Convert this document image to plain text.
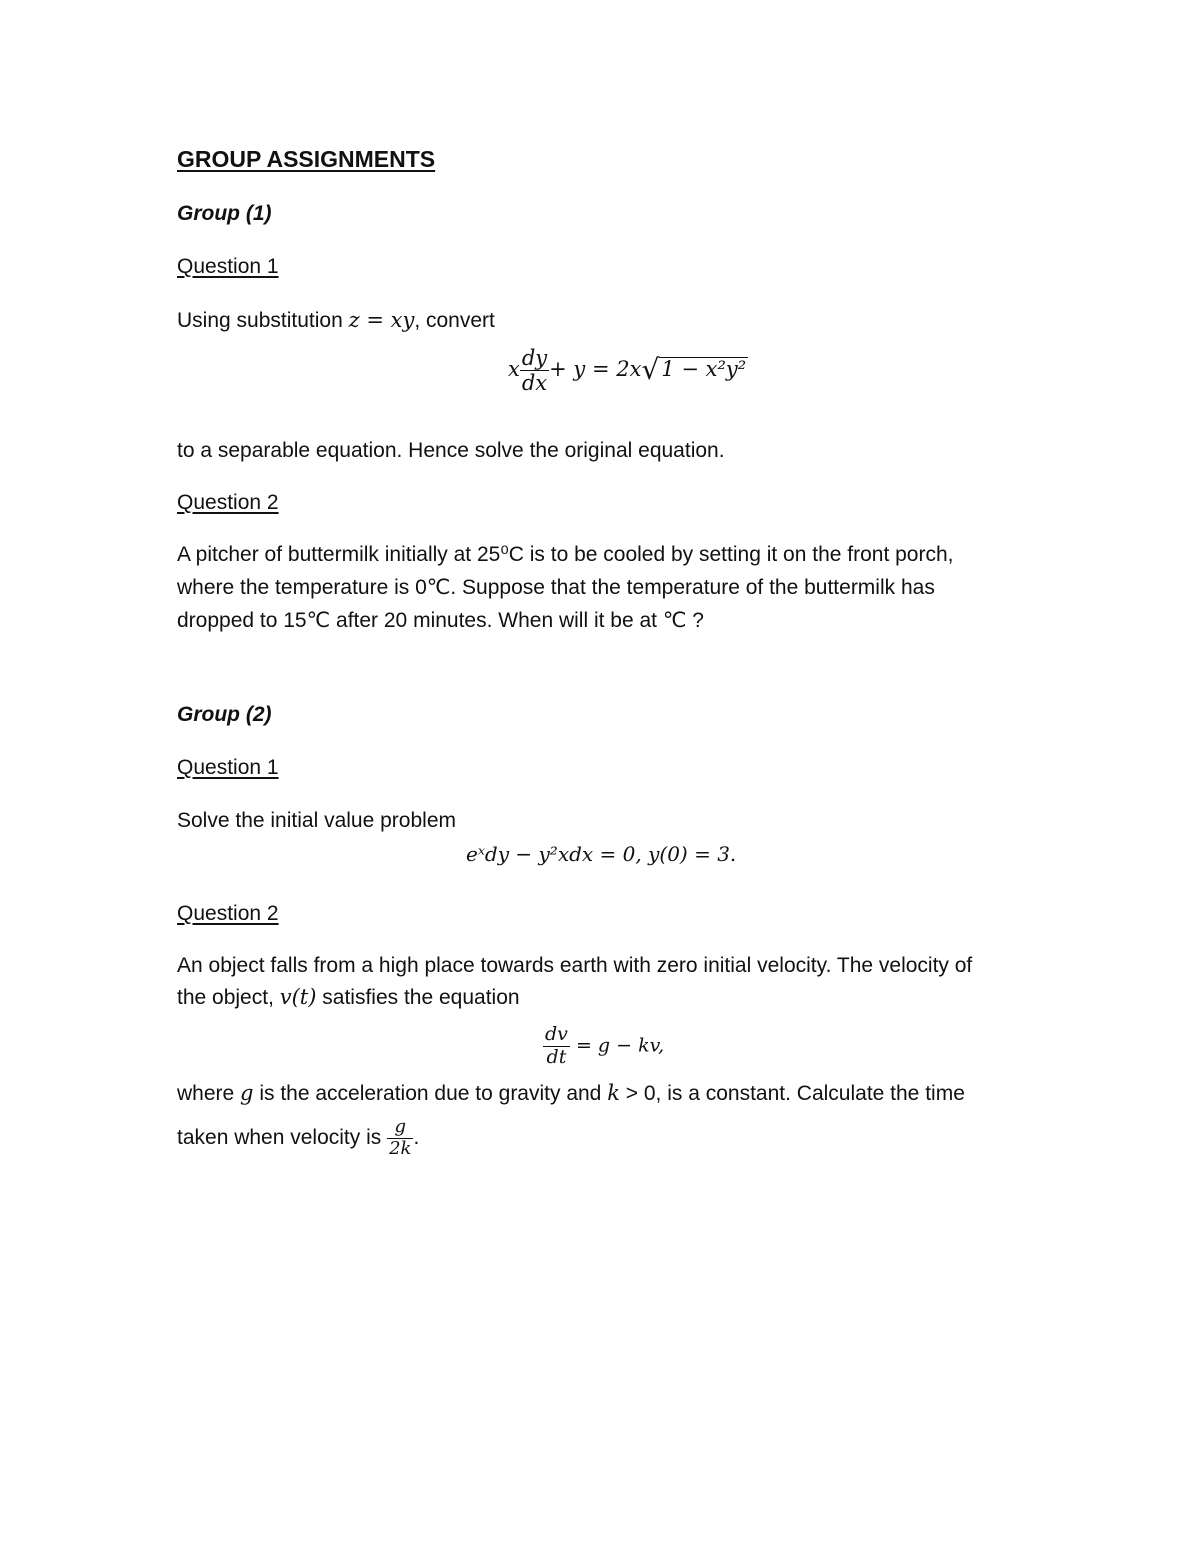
GROUP ASSIGNMENTS
Group (1)
Question 1
Using substitution z = xy, convert
x $\frac{dy}{dx} + y = 2x√1 - x^2y^2$
to a separable equation. Hence solve the original equation.
Question 2
A pitcher of buttermilk initially at 25⁰C is to be cooled by setting it on the front porch,
where the temperature is 0℃. Suppose that the temperature of the buttermilk has
dropped to 15℃ after 20 minutes. When will it be at ℃ ?
Group (2)
Question 1
Solve the initial value problem
eˣdy − y²xdx = 0, y(0) = 3.
Question 2
An object falls from a high place towards earth with zero initial velocity. The velocity of
the object, v(t) satisfies the equation
$\frac{dv}{dt} = g$ − kv,
where g is the acceleration due to gravity and k > 0, is a constant. Calculate the time
taken when velocity is $\frac{g}{2k}$ .
